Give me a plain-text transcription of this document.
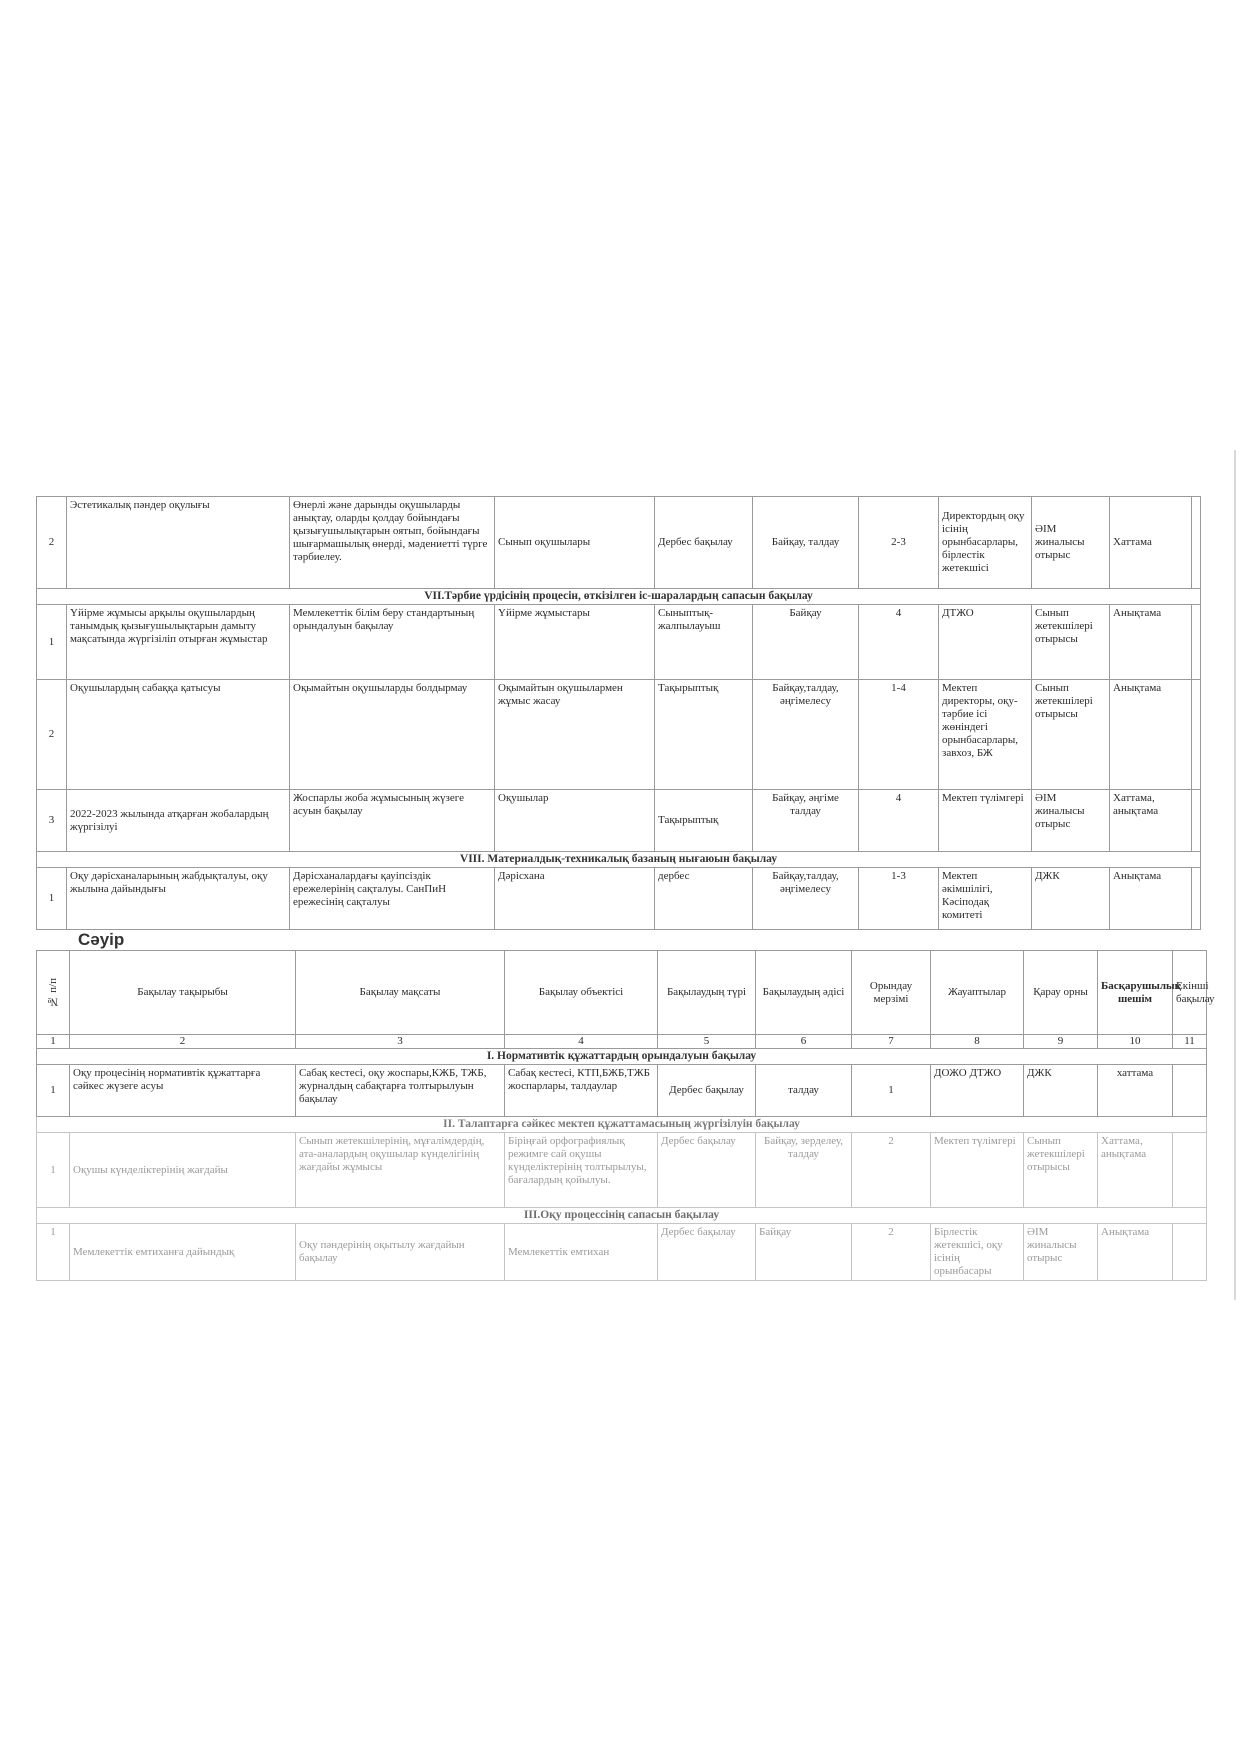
2	Эстетикалық пәндер оқулығы	Өнерлі және дарынды оқушыларды анықтау, оларды қолдау бойындағы қызығушылықтарын оятып, бойындағы шығармашылық өнерді, мәдениетті түрге тәрбиелеу.	Сынып оқушылары	Дербес бақылау	Байқау, талдау	2-3	Директордың оқу ісінің орынбасарлары, бірлестік жетекшісі	ӘІМ жиналысы отырыс	Хаттама	
VII.Тәрбие үрдісінің процесін, өткізілген іс-шаралардың сапасын бақылау										
1	Үйірме жұмысы арқылы оқушылардың танымдық қызығушылықтарын дамыту мақсатында жүргізіліп отырған жұмыстар	Мемлекеттік білім беру стандартының орындалуын бақылау	Үйірме жұмыстары	Сыныптық-жалпылауыш	Байқау	4	ДТЖО	Сынып жетекшілері отырысы	Анықтама	
2	Оқушылардың сабаққа қатысуы	Оқымайтын оқушыларды болдырмау	Оқымайтын оқушылармен жұмыс жасау	Тақырыптық	Байқау,талдау, әңгімелесу	1-4	Мектеп директоры, оқу-тәрбие ісі жөніндегі орынбасарлары, завхоз, БЖ	Сынып жетекшілері отырысы	Анықтама	
3	2022-2023 жылында атқарған жобалардың жүргізілуі	Жоспарлы жоба жұмысының жүзеге асуын бақылау	Оқушылар	Тақырыптық	Байқау, әңгіме талдау	4	Мектеп түлімгері	ӘІМ жиналысы отырыс	Хаттама, анықтама	
VIII. Материалдық-техникалық базаның нығаюын бақылау										
1	Оқу дәрісханаларының жабдықталуы, оқу жылына дайындығы	Дәрісханалардағы қауіпсіздік ережелерінің сақталуы. СанПиН ережесінің сақталуы	Дәрісхана	дербес	Байқау,талдау, әңгімелесу	1-3	Мектеп әкімшілігі, Кәсіподақ комитеті	ДЖК	Анықтама	
Сәуір
№ п/п	Бақылау тақырыбы	Бақылау мақсаты	Бақылау объектісі	Бақылаудың түрі	Бақылаудың әдісі	Орындау мерзімі	Жауаптылар	Қарау орны	Басқарушылық шешім	Екінші бақылау
1	2	3	4	5	6	7	8	9	10	11
I. Нормативтік құжаттардың орындалуын бақылау										
1	Оқу процесінің нормативтік құжаттарға сәйкес жүзеге асуы	Сабақ кестесі, оқу жоспары,КЖБ, ТЖБ, журналдың сабақтарға толтырылуын бақылау	Сабақ кестесі, КТП,БЖБ,ТЖБ жоспарлары, талдаулар	Дербес бақылау	талдау	1	ДОЖО ДТЖО	ДЖК	хаттама	
II. Талаптарға сәйкес мектеп құжаттамасының жүргізілуін бақылау										
1	Оқушы күнделіктерінің жағдайы	Сынып жетекшілерінің, мұғалімдердің, ата-аналардың оқушылар күнделігінің жағдайы жұмысы	Біріңғай орфографиялық режимге сай оқушы күнделіктерінің толтырылуы, бағалардың қойылуы.	Дербес бақылау	Байқау, зерделеу, талдау	2	Мектеп түлімгері	Сынып жетекшілері отырысы	Хаттама, анықтама	
III.Оқу процессінің сапасын бақылау										
1	Мемлекеттік емтиханға дайындық	Оқу пәндерінің оқытылу жағдайын бақылау	Мемлекеттік емтихан	Дербес бақылау	Байқау	2	Бірлестік жетекшісі, оқу ісінің орынбасары	ӘІМ жиналысы отырыс	Анықтама	
